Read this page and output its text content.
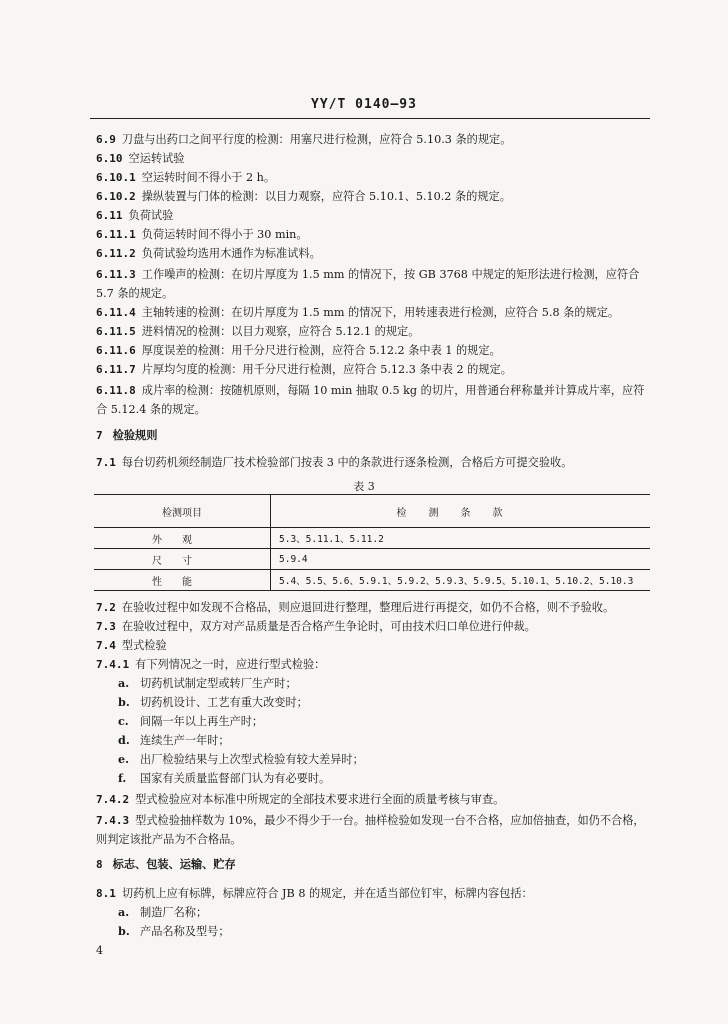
YY/T 0140—93
6.9 刀盘与出药口之间平行度的检测：用塞尺进行检测，应符合 5.10.3 条的规定。
6.10 空运转试验
6.10.1 空运转时间不得小于 2 h。
6.10.2 操纵装置与门体的检测：以目力观察，应符合 5.10.1、5.10.2 条的规定。
6.11 负荷试验
6.11.1 负荷运转时间不得小于 30 min。
6.11.2 负荷试验均选用木通作为标准试料。
6.11.3 工作噪声的检测：在切片厚度为 1.5 mm 的情况下，按 GB 3768 中规定的矩形法进行检测，应符合 5.7 条的规定。
6.11.4 主轴转速的检测：在切片厚度为 1.5 mm 的情况下，用转速表进行检测，应符合 5.8 条的规定。
6.11.5 进料情况的检测：以目力观察，应符合 5.12.1 的规定。
6.11.6 厚度误差的检测：用千分尺进行检测，应符合 5.12.2 条中表 1 的规定。
6.11.7 片厚均匀度的检测：用千分尺进行检测，应符合 5.12.3 条中表 2 的规定。
6.11.8 成片率的检测：按随机原则，每隔 10 min 抽取 0.5 kg 的切片，用普通台秤称量并计算成片率，应符合 5.12.4 条的规定。
7 检验规则
7.1 每台切药机须经制造厂技术检验部门按表 3 中的条款进行逐条检测，合格后方可提交验收。
表 3
检测项目	检测条款
外观	5.3、5.11.1、5.11.2
尺寸	5.9.4
性能	5.4、5.5、5.6、5.9.1、5.9.2、5.9.3、5.9.5、5.10.1、5.10.2、5.10.3
7.2 在验收过程中如发现不合格品，则应退回进行整理，整理后进行再提交，如仍不合格，则不予验收。
7.3 在验收过程中，双方对产品质量是否合格产生争论时，可由技术归口单位进行仲裁。
7.4 型式检验
7.4.1 有下列情况之一时，应进行型式检验：
a. 切药机试制定型或转厂生产时；
b. 切药机设计、工艺有重大改变时；
c. 间隔一年以上再生产时；
d. 连续生产一年时；
e. 出厂检验结果与上次型式检验有较大差异时；
f. 国家有关质量监督部门认为有必要时。
7.4.2 型式检验应对本标准中所规定的全部技术要求进行全面的质量考核与审查。
7.4.3 型式检验抽样数为 10%，最少不得少于一台。抽样检验如发现一台不合格，应加倍抽查，如仍不合格，则判定该批产品为不合格品。
8 标志、包装、运输、贮存
8.1 切药机上应有标牌，标牌应符合 JB 8 的规定，并在适当部位钉牢，标牌内容包括：
a. 制造厂名称；
b. 产品名称及型号；
4
